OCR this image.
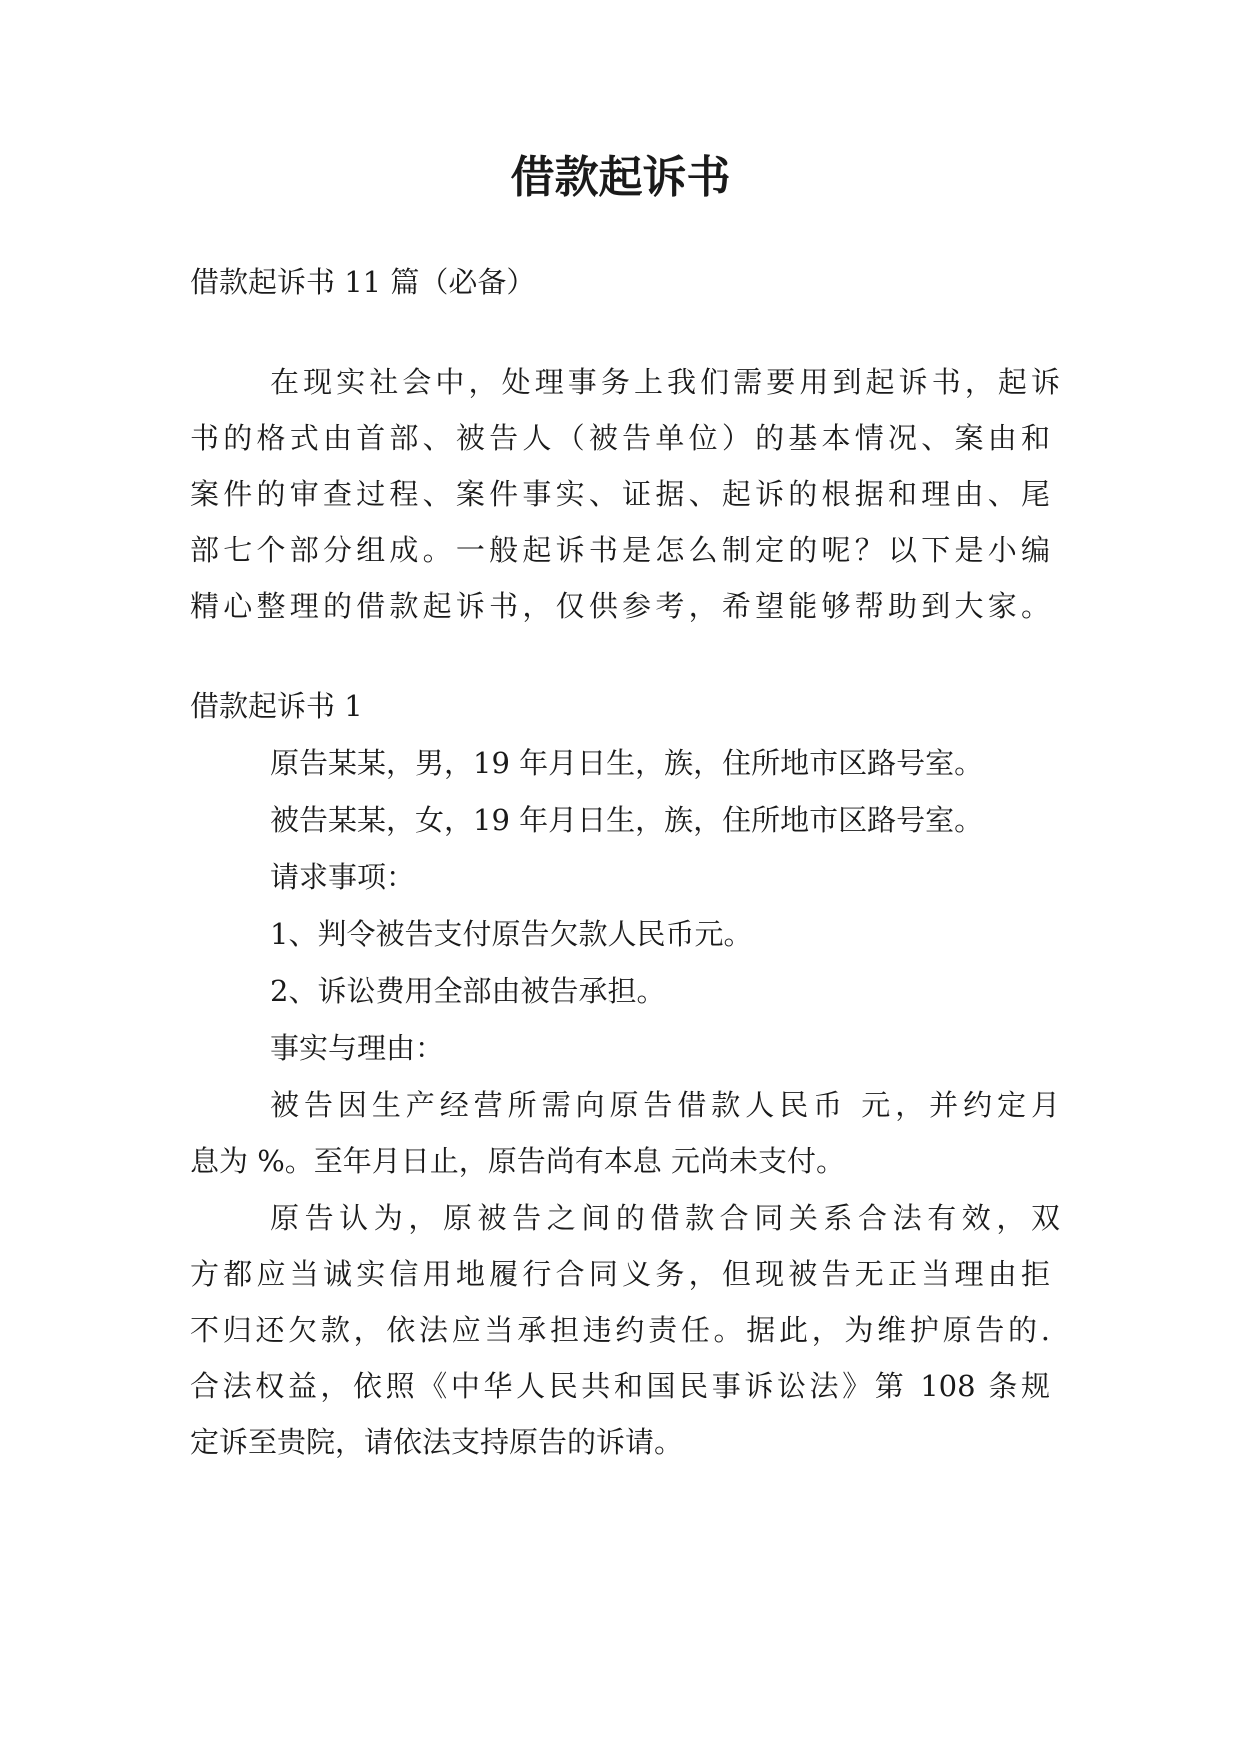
借款起诉书
借款起诉书 11 篇（必备）
在现实社会中，处理事务上我们需要用到起诉书，起诉
书的格式由首部、被告人（被告单位）的基本情况、案由和
案件的审查过程、案件事实、证据、起诉的根据和理由、尾
部七个部分组成。一般起诉书是怎么制定的呢？以下是小编
精心整理的借款起诉书，仅供参考，希望能够帮助到大家。
借款起诉书 1
原告某某，男，19 年月日生，族，住所地市区路号室。
被告某某，女，19 年月日生，族，住所地市区路号室。
请求事项：
1、判令被告支付原告欠款人民币元。
2、诉讼费用全部由被告承担。
事实与理由：
被告因生产经营所需向原告借款人民币 元，并约定月
息为 %。至年月日止，原告尚有本息 元尚未支付。
原告认为，原被告之间的借款合同关系合法有效，双
方都应当诚实信用地履行合同义务，但现被告无正当理由拒
不归还欠款，依法应当承担违约责任。据此，为维护原告的.
合法权益，依照《中华人民共和国民事诉讼法》第 108 条规
定诉至贵院，请依法支持原告的诉请。
